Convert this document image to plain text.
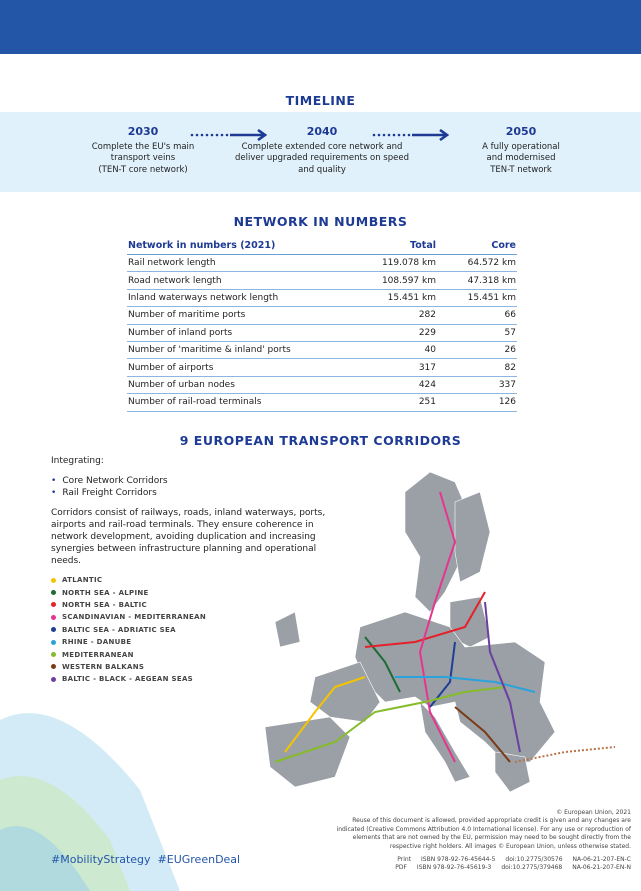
TIMELINE
2030
Complete the EU's main
transport veins
(TEN-T core network)
2040
Complete extended core network and
deliver upgraded requirements on speed
and quality
2050
A fully operational
and modernised
TEN-T network
NETWORK IN NUMBERS
Network in numbers (2021)	Total	Core
Rail network length	119.078 km	64.572 km
Road network length	108.597 km	47.318 km
Inland waterways network length	15.451 km	15.451 km
Number of maritime ports	282	66
Number of inland ports	229	57
Number of 'maritime & inland' ports	40	26
Number of airports	317	82
Number of urban nodes	424	337
Number of rail-road terminals	251	126
9 EUROPEAN TRANSPORT CORRIDORS
Integrating:
• Core Network Corridors
• Rail Freight Corridors
Corridors consist of railways, roads, inland waterways, ports, airports and rail-road terminals. They ensure coherence in network development, avoiding duplication and increasing synergies between infrastructure planning and operational needs.
ATLANTIC
NORTH SEA - ALPINE
NORTH SEA - BALTIC
SCANDINAVIAN - MEDITERRANEAN
BALTIC SEA - ADRIATIC SEA
RHINE - DANUBE
MEDITERRANEAN
WESTERN BALKANS
BALTIC - BLACK - AEGEAN SEAS
© European Union, 2021
Reuse of this document is allowed, provided appropriate credit is given and any changes are indicated (Creative Commons Attribution 4.0 International license). For any use or reproduction of elements that are not owned by the EU, permission may need to be sought directly from the respective right holders. All images © European Union, unless otherwise stated.
Print ISBN 978-92-76-45644-5 doi:10.2775/30576 NA-06-21-207-EN-C
PDF ISBN 978-92-76-45619-3 doi:10.2775/379468 NA-06-21-207-EN-N
#MobilityStrategy  #EUGreenDeal
